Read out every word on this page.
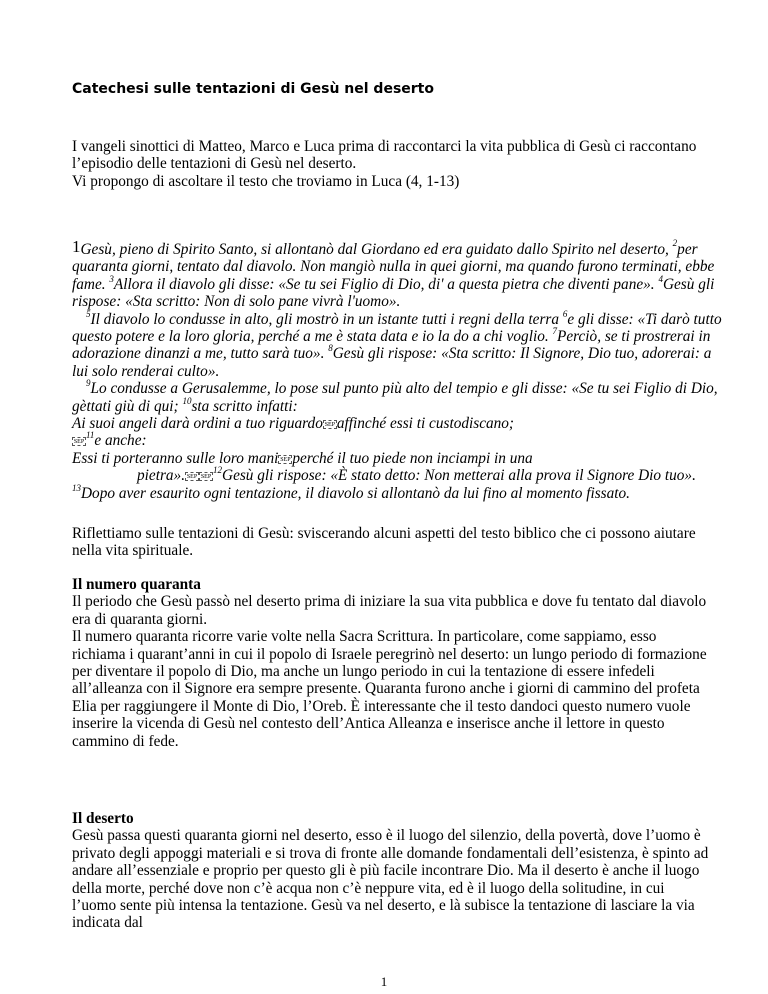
Catechesi sulle tentazioni di Gesù nel deserto

I vangeli sinottici di Matteo, Marco e Luca prima di raccontarci la vita pubblica di Gesù ci raccontano l’episodio delle tentazioni di Gesù nel deserto.

Vi propongo di ascoltare il testo che troviamo in Luca (4, 1-13)

1Gesù, pieno di Spirito Santo, si allontanò dal Giordano ed era guidato dallo Spirito nel deserto, $^2$per quaranta giorni, tentato dal diavolo. Non mangiò nulla in quei giorni, ma quando furono terminati, ebbe fame. $^3$Allora il diavolo gli disse: «Se tu sei Figlio di Dio, di' a questa pietra che diventi pane». $^4$Gesù gli rispose: «Sta scritto: Non di solo pane vivrà l'uomo».

$^5$Il diavolo lo condusse in alto, gli mostrò in un istante tutti i regni della terra $^6$e gli disse: «Ti darò tutto questo potere e la loro gloria, perché a me è stata data e io la do a chi voglio. $^7$Perciò, se ti prostrerai in adorazione dinanzi a me, tutto sarà tuo». $^8$Gesù gli rispose: «Sta scritto: Il Signore, Dio tuo, adorerai: a lui solo renderai culto».

$^9$Lo condusse a Gerusalemme, lo pose sul punto più alto del tempio e gli disse: «Se tu sei Figlio di Dio, gèttati giù di qui; $^{10}$sta scritto infatti:

Ai suoi angeli darà ordini a tuo riguardo SEP affinché essi ti custodiscano;

SEP$^{11}$e anche:

Essi ti porteranno sulle loro mani SEP perché il tuo piede non inciampi in una

pietra». SEP SEP$^{12}$Gesù gli rispose: «È stato detto: Non metterai alla prova il Signore Dio tuo».

$^{13}$Dopo aver esaurito ogni tentazione, il diavolo si allontanò da lui fino al momento fissato.

Riflettiamo sulle tentazioni di Gesù: sviscerando alcuni aspetti del testo biblico che ci possono aiutare nella vita spirituale.

Il numero quaranta

Il periodo che Gesù passò nel deserto prima di iniziare la sua vita pubblica e dove fu tentato dal diavolo era di quaranta giorni.

Il numero quaranta ricorre varie volte nella Sacra Scrittura. In particolare, come sappiamo, esso richiama i quarant’anni in cui il popolo di Israele peregrinò nel deserto: un lungo periodo di formazione per diventare il popolo di Dio, ma anche un lungo periodo in cui la tentazione di essere infedeli all’alleanza con il Signore era sempre presente. Quaranta furono anche i giorni di cammino del profeta Elia per raggiungere il Monte di Dio, l’Oreb. È interessante che il testo dandoci questo numero vuole inserire la vicenda di Gesù nel contesto dell’Antica Alleanza e inserisce anche il lettore in questo cammino di fede.

Il deserto

Gesù passa questi quaranta giorni nel deserto, esso è il luogo del silenzio, della povertà, dove l’uomo è privato degli appoggi materiali e si trova di fronte alle domande fondamentali dell’esistenza, è spinto ad andare all’essenziale e proprio per questo gli è più facile incontrare Dio. Ma il deserto è anche il luogo della morte, perché dove non c’è acqua non c’è neppure vita, ed è il luogo della solitudine, in cui l’uomo sente più intensa la tentazione. Gesù va nel deserto, e là subisce la tentazione di lasciare la via indicata dal

1
